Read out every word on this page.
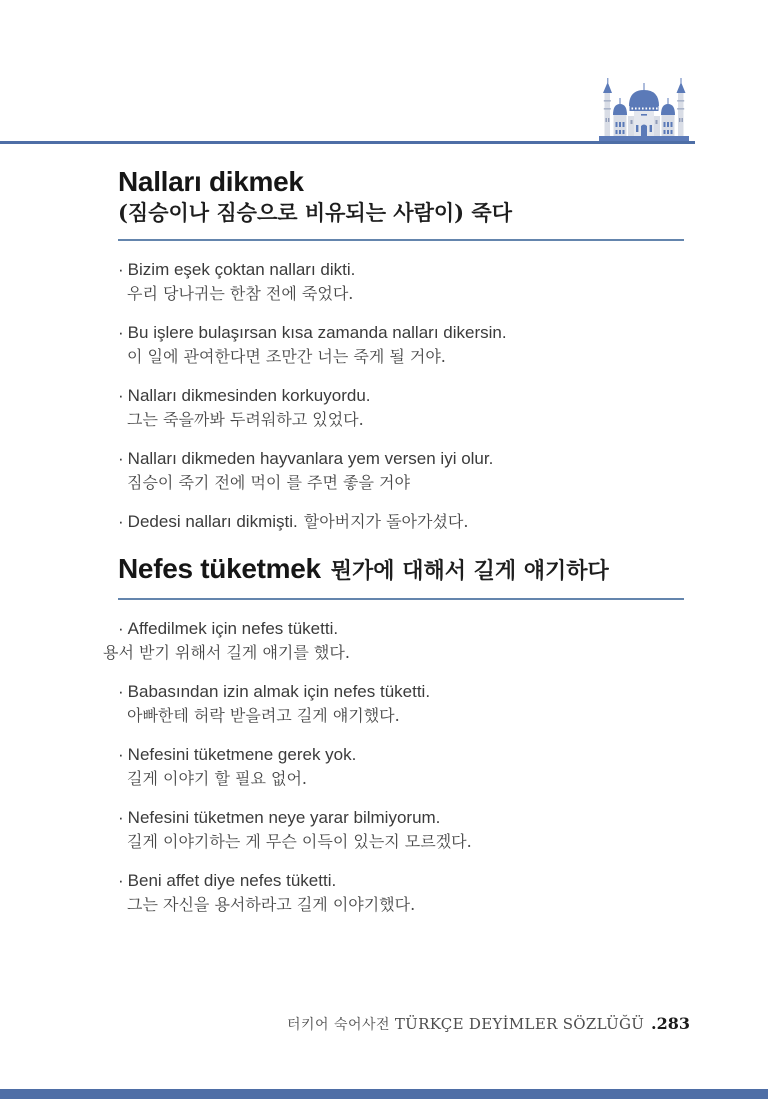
Nalları dikmek
(짐승이나 짐승으로 비유되는 사람이) 죽다
· Bizim eşek çoktan nalları dikti.
우리 당나귀는 한참 전에 죽었다.
· Bu işlere bulaşırsan kısa zamanda nalları dikersin.
이 일에 관여한다면 조만간 너는 죽게 될 거야.
· Nalları dikmesinden korkuyordu.
그는 죽을까봐 두려워하고 있었다.
· Nalları dikmeden hayvanlara yem versen iyi olur.
짐승이 죽기 전에 먹이 를 주면 좋을 거야
· Dedesi nalları dikmişti. 할아버지가 돌아가셨다.
Nefes tüketmek 뭔가에 대해서 길게 얘기하다
· Affedilmek için nefes tüketti.
용서 받기 위해서 길게 얘기를 했다.
· Babasından izin almak için nefes tüketti.
아빠한테 허락 받을려고 길게 얘기했다.
· Nefesini tüketmene gerek yok.
길게 이야기 할 필요 없어.
· Nefesini tüketmen neye yarar bilmiyorum.
길게 이야기하는 게 무슨 이득이 있는지 모르겠다.
· Beni affet diye nefes tüketti.
그는 자신을 용서하라고 길게 이야기했다.
터키어 숙어사전 TÜRKÇE DEYİMLER SÖZLÜĞÜ .283
